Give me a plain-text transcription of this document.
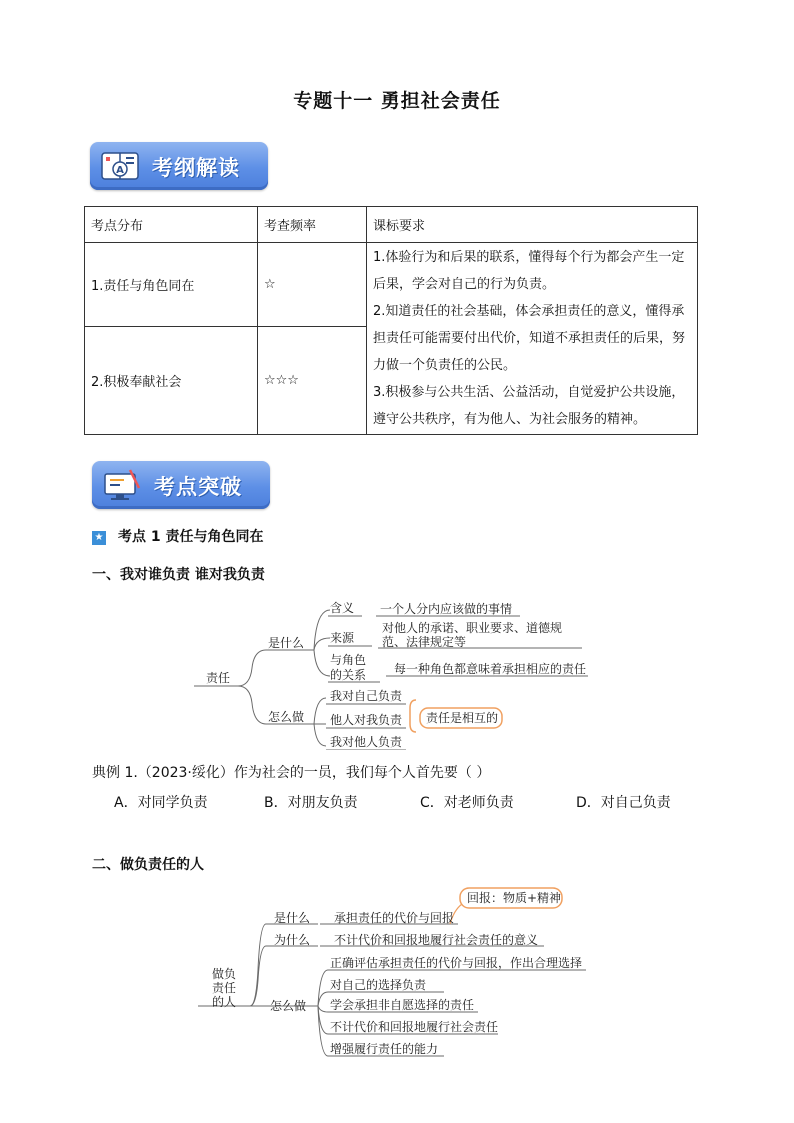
专题十一 勇担社会责任
A 考纲解读
考点分布	考查频率	课标要求
1.责任与角色同在	☆	1.体验行为和后果的联系，懂得每个行为都会产生一定后果，学会对自己的行为负责。

2.知道责任的社会基础，体会承担责任的意义，懂得承担责任可能需要付出代价，知道不承担责任的后果，努力做一个负责任的公民。

3.积极参与公共生活、公益活动，自觉爱护公共设施，遵守公共秩序，有为他人、为社会服务的精神。

2.积极奉献社会	☆☆☆	
考点突破
★ 考点 1 责任与角色同在
一、我对谁负责 谁对我负责
责任
是什么
怎么做
含义 一个人分内应该做的事情
来源
对他人的承诺、职业要求、道德规
范、法律规定等
与角色
的关系 每一种角色都意味着承担相应的责任
我对自己负责
他人对我负责
我对他人负责
责任是相互的
典例 1.（2023·绥化）作为社会的一员，我们每个人首先要（ ）
A．对同学负责	B．对朋友负责	C．对老师负责	D．对自己负责
二、做负责任的人
做负
责任
的人
是什么 承担责任的代价与回报
回报：物质+精神
为什么 不计代价和回报地履行社会责任的意义
怎么做
正确评估承担责任的代价与回报，作出合理选择
对自己的选择负责
学会承担非自愿选择的责任
不计代价和回报地履行社会责任
增强履行责任的能力
